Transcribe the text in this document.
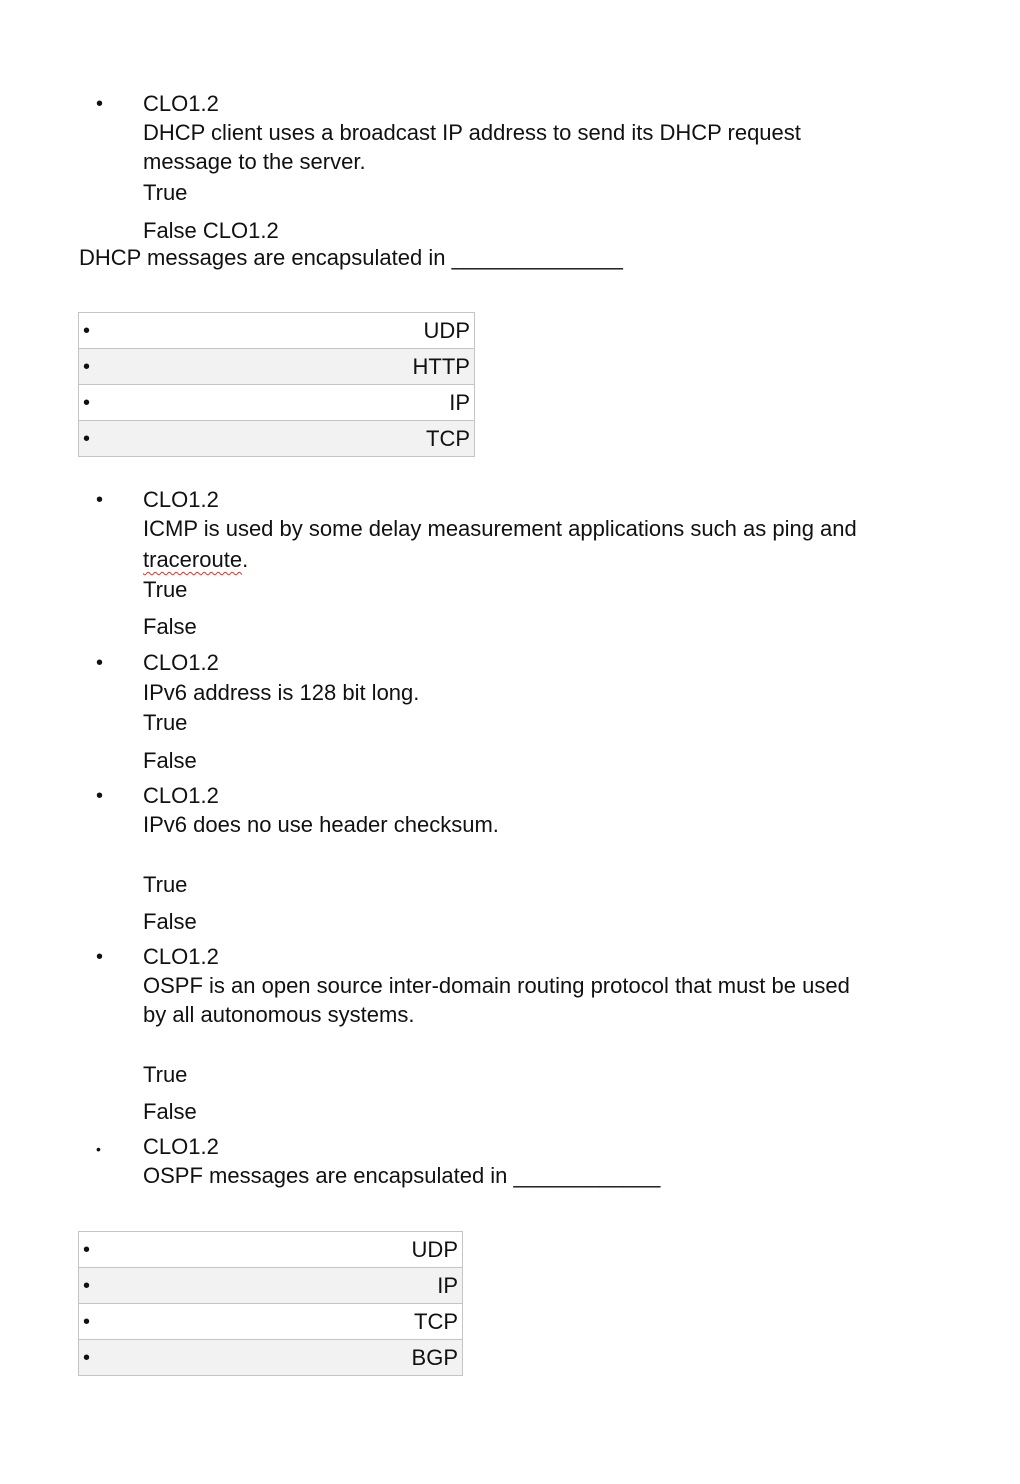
• CLO1.2
DHCP client uses a broadcast IP address to send its DHCP request
message to the server.
True
False CLO1.2
DHCP messages are encapsulated in ______________
•	UDP
•	HTTP
•	IP
•	TCP
• CLO1.2
ICMP is used by some delay measurement applications such as ping and
traceroute.
True
False
• CLO1.2
IPv6 address is 128 bit long.
True
False
• CLO1.2
IPv6 does no use header checksum.
True
False
• CLO1.2
OSPF is an open source inter-domain routing protocol that must be used
by all autonomous systems.
True
False
• CLO1.2
OSPF messages are encapsulated in ____________
•	UDP
•	IP
•	TCP
•	BGP
